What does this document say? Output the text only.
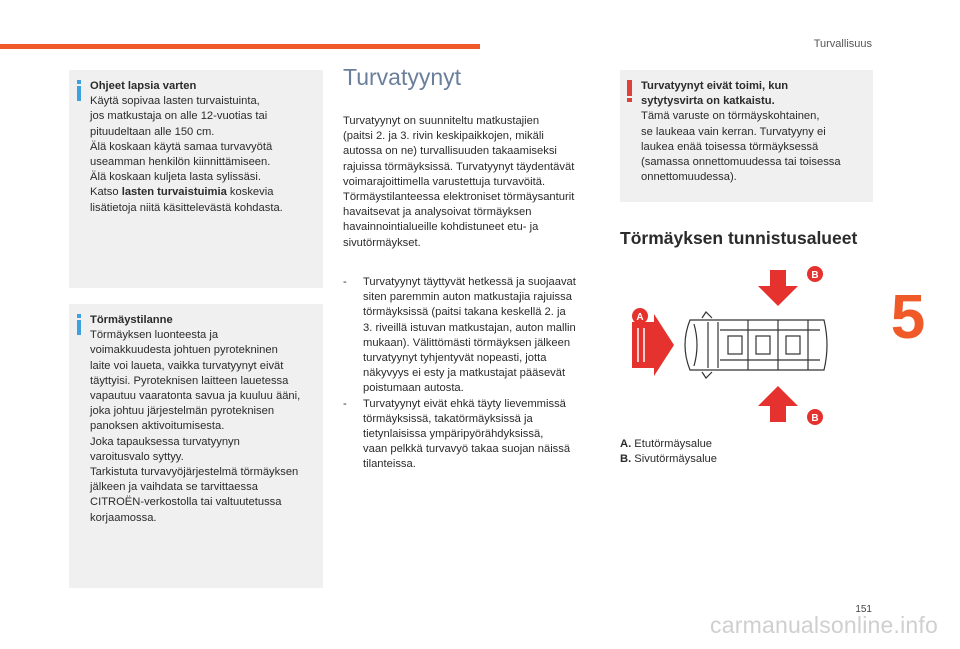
Turvallisuus
5

Ohjeet lapsia varten

Käytä sopivaa lasten turvaistuinta,

jos matkustaja on alle 12-vuotias tai

pituudeltaan alle 150 cm.

Älä koskaan käytä samaa turvavyötä

useamman henkilön kiinnittämiseen.

Älä koskaan kuljeta lasta sylissäsi.

Katso lasten turvaistuimia koskevia

lisätietoja niitä käsittelevästä kohdasta.

Törmäystilanne

Törmäyksen luonteesta ja

voimakkuudesta johtuen pyrotekninen

laite voi laueta, vaikka turvatyynyt eivät

täyttyisi. Pyroteknisen laitteen lauetessa

vapautuu vaaratonta savua ja kuuluu ääni,

joka johtuu järjestelmän pyroteknisen

panoksen aktivoitumisesta.

Joka tapauksessa turvatyynyn

varoitusvalo syttyy.

Tarkistuta turvavyöjärjestelmä törmäyksen

jälkeen ja vaihdata se tarvittaessa

CITROËN-verkostolla tai valtuutetussa

korjaamossa.

Turvatyynyt

Turvatyynyt on suunniteltu matkustajien

(paitsi 2. ja 3. rivin keskipaikkojen, mikäli

autossa on ne) turvallisuuden takaamiseksi

rajuissa törmäyksissä. Turvatyynyt täydentävät

voimarajoittimella varustettuja turvavöitä.

Törmäystilanteessa elektroniset törmäysanturit

havaitsevat ja analysoivat törmäyksen

havainnointialueille kohdistuneet etu- ja

sivutörmäykset.

- Turvatyynyt täyttyvät hetkessä ja suojaavat

siten paremmin auton matkustajia rajuissa

törmäyksissä (paitsi takana keskellä 2. ja

3. riveillä istuvan matkustajan, auton mallin

mukaan). Välittömästi törmäyksen jälkeen

turvatyynyt tyhjentyvät nopeasti, jotta

näkyvyys ei esty ja matkustajat pääsevät

poistumaan autosta.

- Turvatyynyt eivät ehkä täyty lievemmissä

törmäyksissä, takatörmäyksissä ja

tietynlaisissa ympäripyörähdyksissä,

vaan pelkkä turvavyö takaa suojan näissä

tilanteissa.

Turvatyynyt eivät toimi, kun

sytytysvirta on katkaistu.

Tämä varuste on törmäyskohtainen,

se laukeaa vain kerran. Turvatyyny ei

laukea enää toisessa törmäyksessä

(samassa onnettomuudessa tai toisessa

onnettomuudessa).

Törmäyksen tunnistusalueet
A
B
B

A. Etutörmäysalue

B. Sivutörmäysalue

151
carmanualsonline.info
